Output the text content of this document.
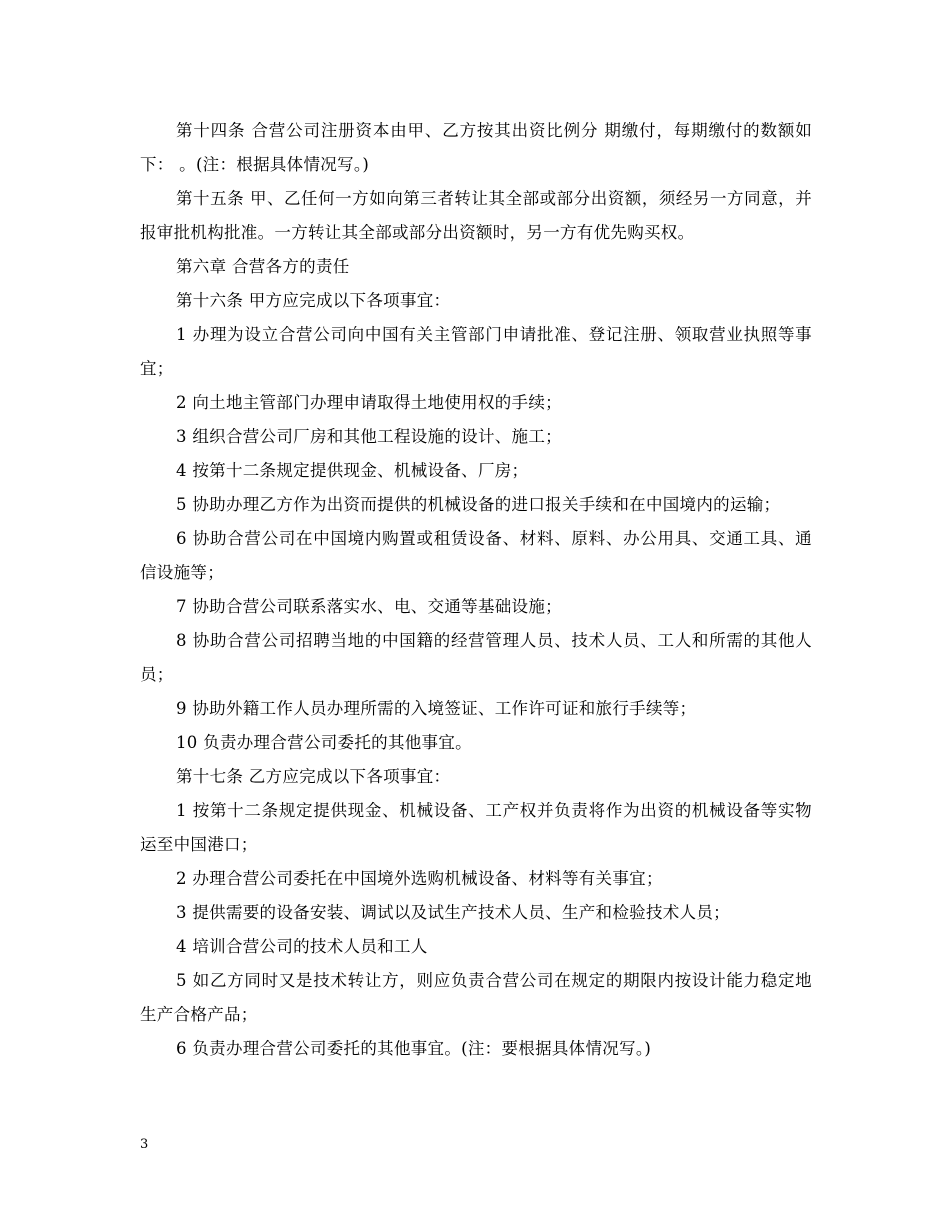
第十四条 合营公司注册资本由甲、乙方按其出资比例分 期缴付，每期缴付的数额如下： 。(注：根据具体情况写。)

第十五条 甲、乙任何一方如向第三者转让其全部或部分出资额，须经另一方同意，并报审批机构批准。一方转让其全部或部分出资额时，另一方有优先购买权。

第六章 合营各方的责任

第十六条 甲方应完成以下各项事宜：

1 办理为设立合营公司向中国有关主管部门申请批准、登记注册、领取营业执照等事宜；

2 向土地主管部门办理申请取得土地使用权的手续；

3 组织合营公司厂房和其他工程设施的设计、施工；

4 按第十二条规定提供现金、机械设备、厂房；

5 协助办理乙方作为出资而提供的机械设备的进口报关手续和在中国境内的运输；

6 协助合营公司在中国境内购置或租赁设备、材料、原料、办公用具、交通工具、通信设施等；

7 协助合营公司联系落实水、电、交通等基础设施；

8 协助合营公司招聘当地的中国籍的经营管理人员、技术人员、工人和所需的其他人员；

9 协助外籍工作人员办理所需的入境签证、工作许可证和旅行手续等；

10 负责办理合营公司委托的其他事宜。

第十七条 乙方应完成以下各项事宜：

1 按第十二条规定提供现金、机械设备、工产权并负责将作为出资的机械设备等实物运至中国港口；

2 办理合营公司委托在中国境外选购机械设备、材料等有关事宜；

3 提供需要的设备安装、调试以及试生产技术人员、生产和检验技术人员；

4 培训合营公司的技术人员和工人

5 如乙方同时又是技术转让方，则应负责合营公司在规定的期限内按设计能力稳定地生产合格产品；

6 负责办理合营公司委托的其他事宜。(注：要根据具体情况写。)

3
